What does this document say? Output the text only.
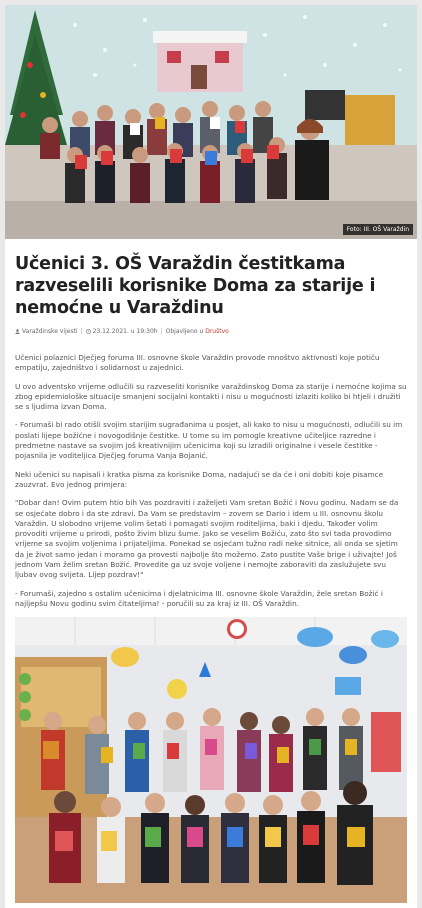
Foto: III. OŠ Varaždin
Učenici 3. OŠ Varaždin čestitkama razveselili korisnike Doma za starije i nemoćne u Varaždinu
Varaždinske vijesti | 23.12.2021. u 19:30h | Objavljeno u Društvo

Učenici polaznici Dječjeg foruma III. osnovne škole Varaždin provode mnoštvo aktivnosti koje potiču empatiju, zajedništvo i solidarnost u zajednici.

U ovo adventsko vrijeme odlučili su razveseliti korisnike varaždinskog Doma za starije i nemoćne kojima su zbog epidemiološke situacije smanjeni socijalni kontakti i nisu u mogućnosti izlaziti koliko bi htjeli i družiti se s ljudima izvan Doma.

- Forumaši bi rado otišli svojim starijim sugrađanima u posjet, ali kako to nisu u mogućnosti, odlučili su im poslati lijepe božićne i novogodišnje čestitke. U tome su im pomogle kreativne učiteljice razredne i predmetne nastave sa svojim još kreativnijim učenicima koji su izradili originalne i vesele čestitke - pojasnila je voditeljica Dječjeg foruma Vanja Bojanić.

Neki učenici su napisali i kratka pisma za korisnike Doma, nadajući se da će i oni dobiti koje pisamce zauzvrat. Evo jednog primjera:

"Dobar dan! Ovim putem htio bih Vas pozdraviti i zaželjeti Vam sretan Božić i Novu godinu. Nadam se da se osjećate dobro i da ste zdravi. Da Vam se predstavim – zovem se Dario i idem u III. osnovnu školu Varaždin. U slobodno vrijeme volim šetati i pomagati svojim roditeljima, baki i djedu. Također volim provoditi vrijeme u prirodi, pošto živim blizu šume. Jako se veselim Božiću, zato što svi tada provodimo vrijeme sa svojim voljenima i prijateljima. Ponekad se osjećam tužno radi neke sitnice, ali onda se sjetim da je život samo jedan i moramo ga provesti najbolje što možemo. Zato pustite Vaše brige i uživajte! Još jednom Vam želim sretan Božić. Provedite ga uz svoje voljene i nemojte zaboraviti da zaslužujete svu ljubav ovog svijeta. Lijep pozdrav!"

- Forumaši, zajedno s ostalim učenicima i djelatnicima III. osnovne škole Varaždin, žele sretan Božić i najljepšu Novu godinu svim čitateljima! - poručili su za kraj iz III. OŠ Varaždin.
